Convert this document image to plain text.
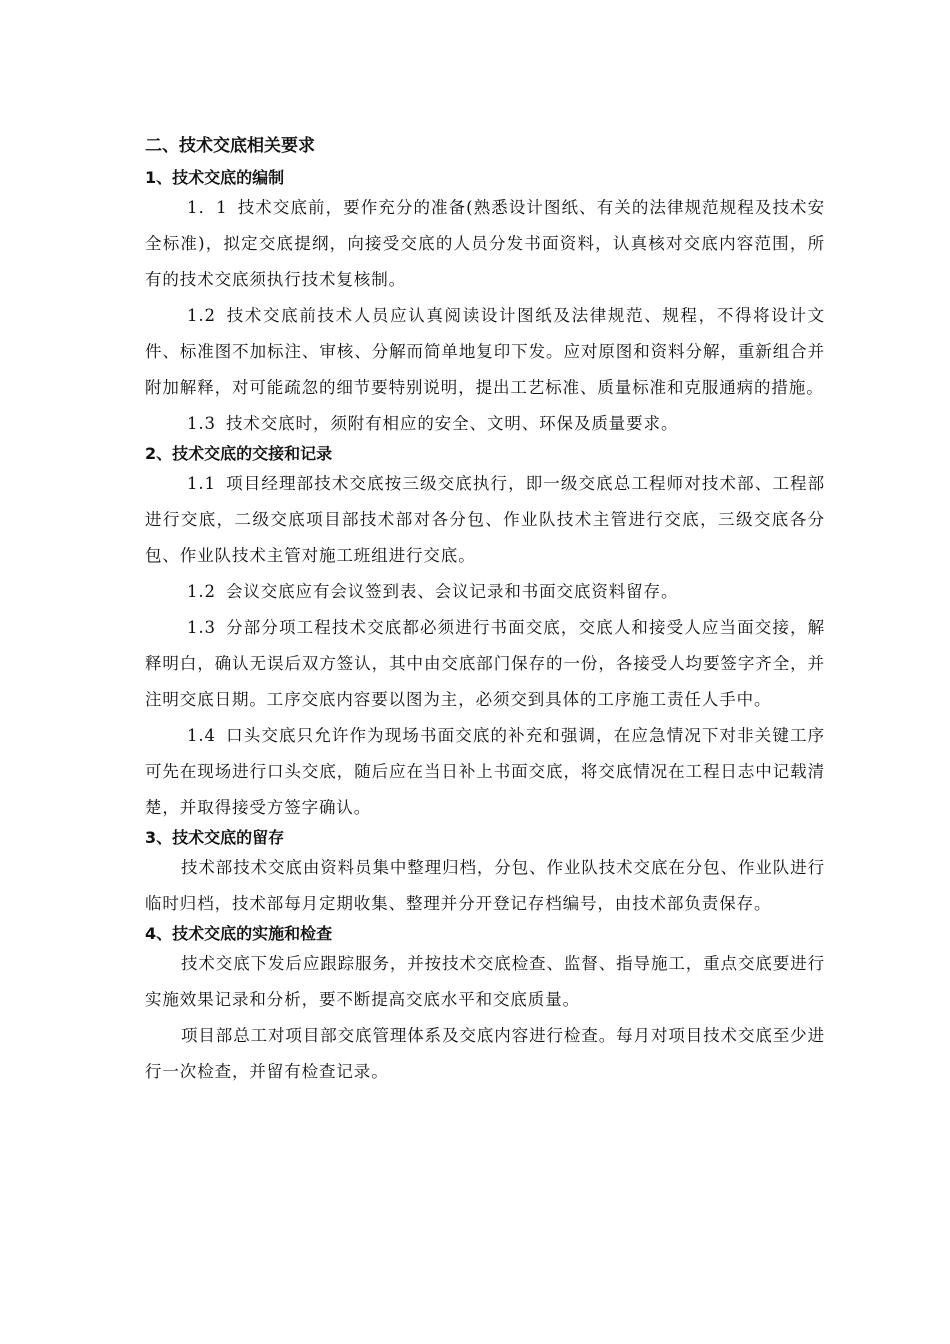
二、技术交底相关要求
1、技术交底的编制

1．1 技术交底前，要作充分的准备(熟悉设计图纸、有关的法律规范规程及技术安全标准)，拟定交底提纲，向接受交底的人员分发书面资料，认真核对交底内容范围，所有的技术交底须执行技术复核制。

1.2 技术交底前技术人员应认真阅读设计图纸及法律规范、规程，不得将设计文件、标准图不加标注、审核、分解而简单地复印下发。应对原图和资料分解，重新组合并附加解释，对可能疏忽的细节要特别说明，提出工艺标准、质量标准和克服通病的措施。

1.3 技术交底时，须附有相应的安全、文明、环保及质量要求。

2、技术交底的交接和记录

1.1 项目经理部技术交底按三级交底执行，即一级交底总工程师对技术部、工程部进行交底，二级交底项目部技术部对各分包、作业队技术主管进行交底，三级交底各分包、作业队技术主管对施工班组进行交底。

1.2 会议交底应有会议签到表、会议记录和书面交底资料留存。

1.3 分部分项工程技术交底都必须进行书面交底，交底人和接受人应当面交接，解释明白，确认无误后双方签认，其中由交底部门保存的一份，各接受人均要签字齐全，并注明交底日期。工序交底内容要以图为主，必须交到具体的工序施工责任人手中。

1.4 口头交底只允许作为现场书面交底的补充和强调，在应急情况下对非关键工序可先在现场进行口头交底，随后应在当日补上书面交底，将交底情况在工程日志中记载清楚，并取得接受方签字确认。

3、技术交底的留存

技术部技术交底由资料员集中整理归档，分包、作业队技术交底在分包、作业队进行临时归档，技术部每月定期收集、整理并分开登记存档编号，由技术部负责保存。

4、技术交底的实施和检查

技术交底下发后应跟踪服务，并按技术交底检查、监督、指导施工，重点交底要进行实施效果记录和分析，要不断提高交底水平和交底质量。

项目部总工对项目部交底管理体系及交底内容进行检查。每月对项目技术交底至少进行一次检查，并留有检查记录。
